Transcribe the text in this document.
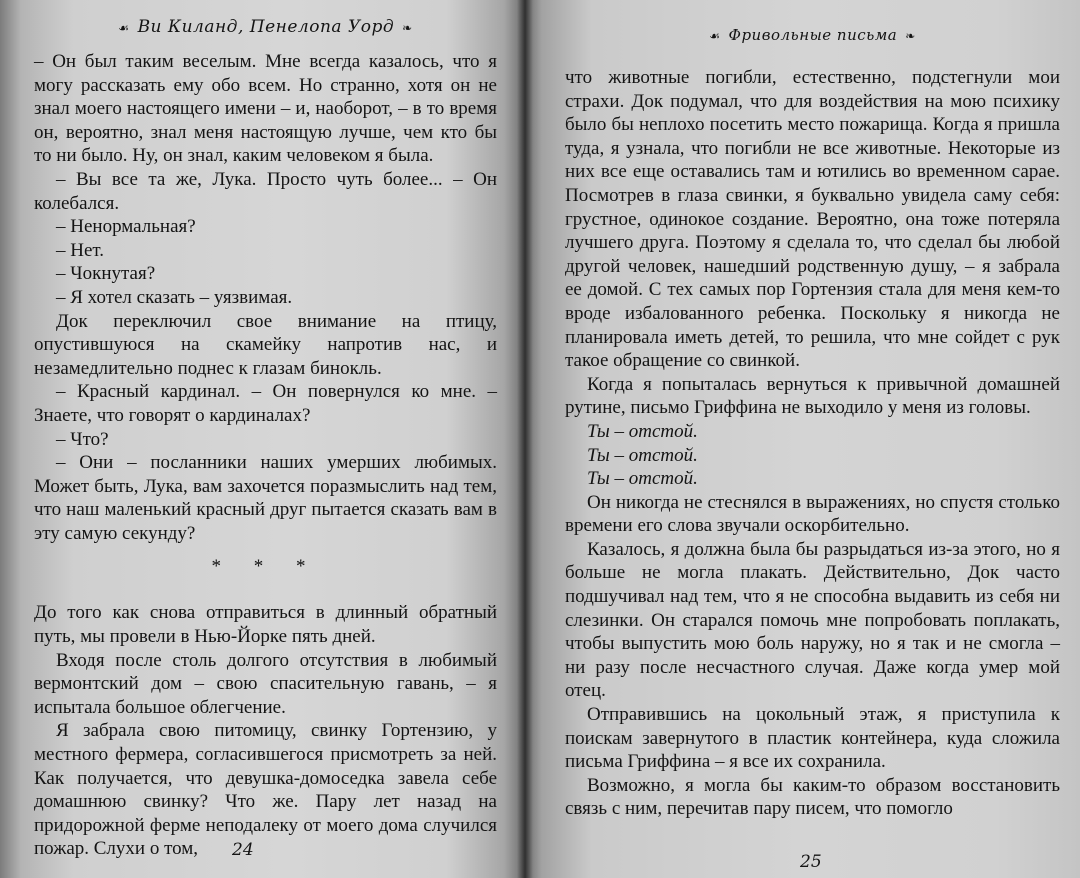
☙ Ви Киланд, Пенелопа Уорд ❧

– Он был таким веселым. Мне всегда казалось, что я могу рассказать ему обо всем. Но странно, хотя он не знал моего настоящего имени – и, наоборот, – в то время он, вероятно, знал меня настоящую лучше, чем кто бы то ни было. Ну, он знал, каким человеком я была.

– Вы все та же, Лука. Просто чуть более... – Он колебался.

– Ненормальная?

– Нет.

– Чокнутая?

– Я хотел сказать – уязвимая.

Док переключил свое внимание на птицу, опустившуюся на скамейку напротив нас, и незамедлительно поднес к глазам бинокль.

– Красный кардинал. – Он повернулся ко мне. – Знаете, что говорят о кардиналах?

– Что?

– Они – посланники наших умерших любимых. Может быть, Лука, вам захочется поразмыслить над тем, что наш маленький красный друг пытается сказать вам в эту самую секунду?

* * *

До того как снова отправиться в длинный обратный путь, мы провели в Нью-Йорке пять дней.

Входя после столь долгого отсутствия в любимый вермонтский дом – свою спасительную гавань, – я испытала большое облегчение.

Я забрала свою питомицу, свинку Гортензию, у местного фермера, согласившегося присмотреть за ней. Как получается, что девушка-домоседка завела себе домашнюю свинку? Что же. Пару лет назад на придорожной ферме неподалеку от моего дома случился пожар. Слухи о том,	24
☙ Фривольные письма ❧

что животные погибли, естественно, подстегнули мои страхи. Док подумал, что для воздействия на мою психику было бы неплохо посетить место пожарища. Когда я пришла туда, я узнала, что погибли не все животные. Некоторые из них все еще оставались там и ютились во временном сарае. Посмотрев в глаза свинки, я буквально увидела саму себя: грустное, одинокое создание. Вероятно, она тоже потеряла лучшего друга. Поэтому я сделала то, что сделал бы любой другой человек, нашедший родственную душу, – я забрала ее домой. С тех самых пор Гортензия стала для меня кем-то вроде избалованного ребенка. Поскольку я никогда не планировала иметь детей, то решила, что мне сойдет с рук такое обращение со свинкой.

Когда я попыталась вернуться к привычной домашней рутине, письмо Гриффина не выходило у меня из головы.

Ты – отстой.

Ты – отстой.

Ты – отстой.

Он никогда не стеснялся в выражениях, но спустя столько времени его слова звучали оскорбительно.

Казалось, я должна была бы разрыдаться из-за этого, но я больше не могла плакать. Действительно, Док часто подшучивал над тем, что я не способна выдавить из себя ни слезинки. Он старался помочь мне попробовать поплакать, чтобы выпустить мою боль наружу, но я так и не смогла – ни разу после несчастного случая. Даже когда умер мой отец.

Отправившись на цокольный этаж, я приступила к поискам завернутого в пластик контейнера, куда сложила письма Гриффина – я все их сохранила.

Возможно, я могла бы каким-то образом восстановить связь с ним, перечитав пару писем, что помогло

25
